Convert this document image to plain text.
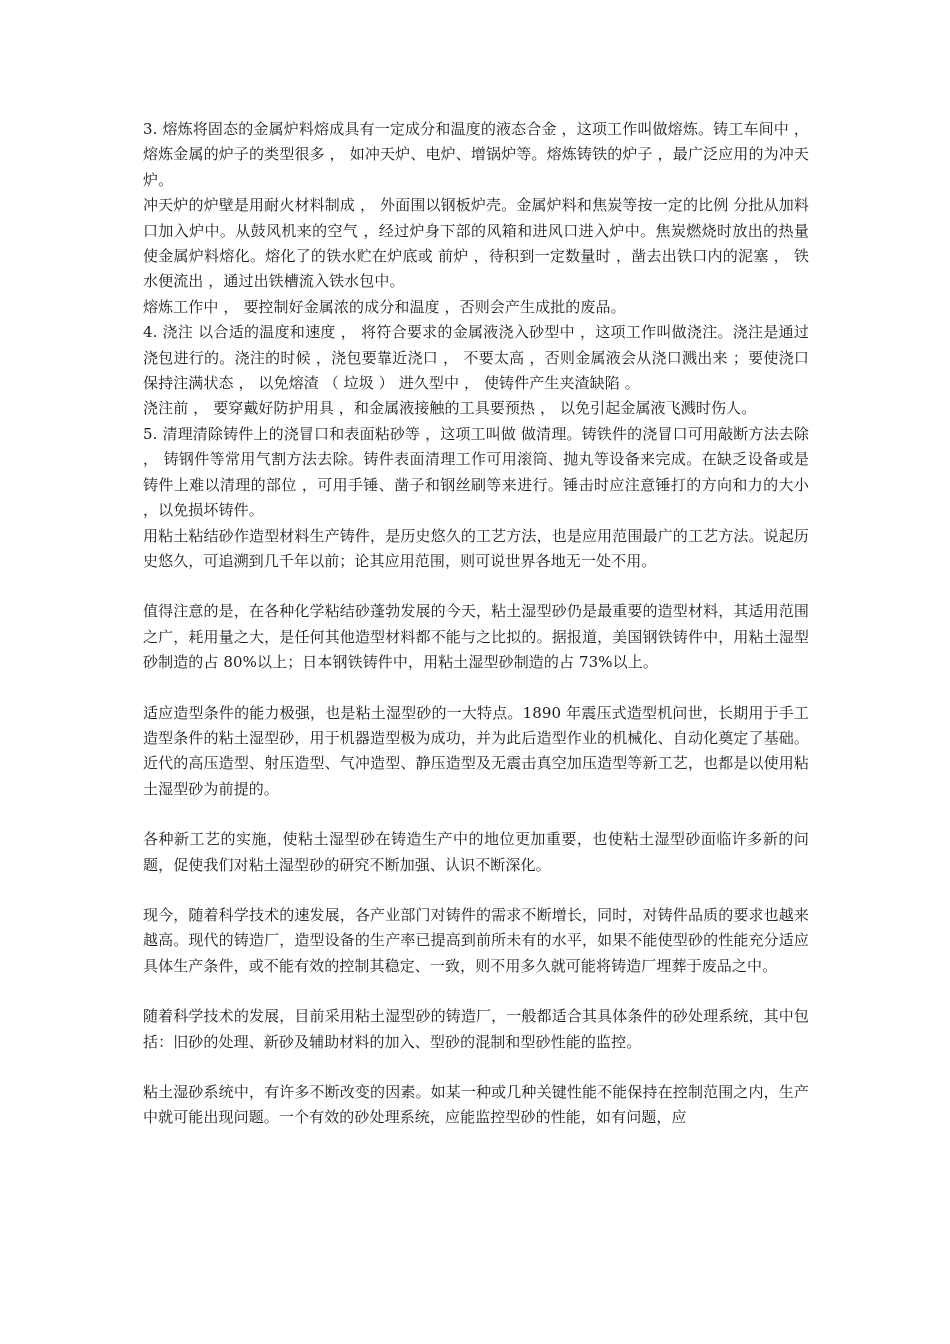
3. 熔炼将固态的金属炉料熔成具有一定成分和温度的液态合金 ，这项工作叫做熔炼。铸工车间中 ， 熔炼金属的炉子的类型很多 ， 如冲天炉、电炉、增锅炉等。熔炼铸铁的炉子 ，最广泛应用的为冲天炉。

冲天炉的炉壁是用耐火材料制成 ， 外面围以钢板炉壳。金属炉料和焦炭等按一定的比例 分批从加料口加入炉中。从鼓风机来的空气 ，经过炉身下部的风箱和进风口进入炉中。焦炭燃烧时放出的热量使金属炉料熔化。熔化了的铁水贮在炉底或 前炉 ，待积到一定数量时 ，凿去出铁口内的泥塞 ， 铁水便流出 ，通过出铁槽流入铁水包中。

熔炼工作中 ， 要控制好金属浓的成分和温度 ，否则会产生成批的废品。

4. 浇注 以合适的温度和速度 ， 将符合要求的金属液浇入砂型中 ，这项工作叫做浇注。浇注是通过浇包进行的。浇注的时候 ，浇包要靠近浇口 ， 不要太高 ，否则金属液会从浇口溅出来 ；要使浇口保持注满状态 ， 以免熔渣 （ 垃圾 ） 进久型中 ， 使铸件产生夹渣缺陷 。

浇注前 ， 要穿戴好防护用具 ，和金属液接触的工具要预热 ， 以免引起金属液飞溅时伤人。

5. 清理清除铸件上的浇冒口和表面粘砂等 ，这项工叫做 做清理。铸铁件的浇冒口可用敲断方法去除 ， 铸钢件等常用气割方法去除。铸件表面清理工作可用滚筒、抛丸等设备来完成。在缺乏设备或是铸件上难以清理的部位 ，可用手锤、凿子和钢丝刷等来进行。锤击时应注意锤打的方向和力的大小 ，以免损坏铸件。

用粘土粘结砂作造型材料生产铸件，是历史悠久的工艺方法，也是应用范围最广的工艺方法。说起历史悠久，可追溯到几千年以前；论其应用范围，则可说世界各地无一处不用。

值得注意的是，在各种化学粘结砂蓬勃发展的今天，粘土湿型砂仍是最重要的造型材料，其适用范围之广，耗用量之大，是任何其他造型材料都不能与之比拟的。据报道，美国钢铁铸件中，用粘土湿型砂制造的占 80%以上；日本钢铁铸件中，用粘土湿型砂制造的占 73%以上。

适应造型条件的能力极强，也是粘土湿型砂的一大特点。1890 年震压式造型机问世，长期用于手工造型条件的粘土湿型砂，用于机器造型极为成功，并为此后造型作业的机械化、自动化奠定了基础。近代的高压造型、射压造型、气冲造型、静压造型及无震击真空加压造型等新工艺，也都是以使用粘土湿型砂为前提的。

各种新工艺的实施，使粘土湿型砂在铸造生产中的地位更加重要，也使粘土湿型砂面临许多新的问题，促使我们对粘土湿型砂的研究不断加强、认识不断深化。

现今，随着科学技术的速发展，各产业部门对铸件的需求不断增长，同时，对铸件品质的要求也越来越高。现代的铸造厂，造型设备的生产率已提高到前所未有的水平，如果不能使型砂的性能充分适应具体生产条件，或不能有效的控制其稳定、一致，则不用多久就可能将铸造厂埋葬于废品之中。

随着科学技术的发展，目前采用粘土湿型砂的铸造厂，一般都适合其具体条件的砂处理系统，其中包括：旧砂的处理、新砂及辅助材料的加入、型砂的混制和型砂性能的监控。

粘土湿砂系统中，有许多不断改变的因素。如某一种或几种关键性能不能保持在控制范围之内，生产中就可能出现问题。一个有效的砂处理系统，应能监控型砂的性能，如有问题，应
